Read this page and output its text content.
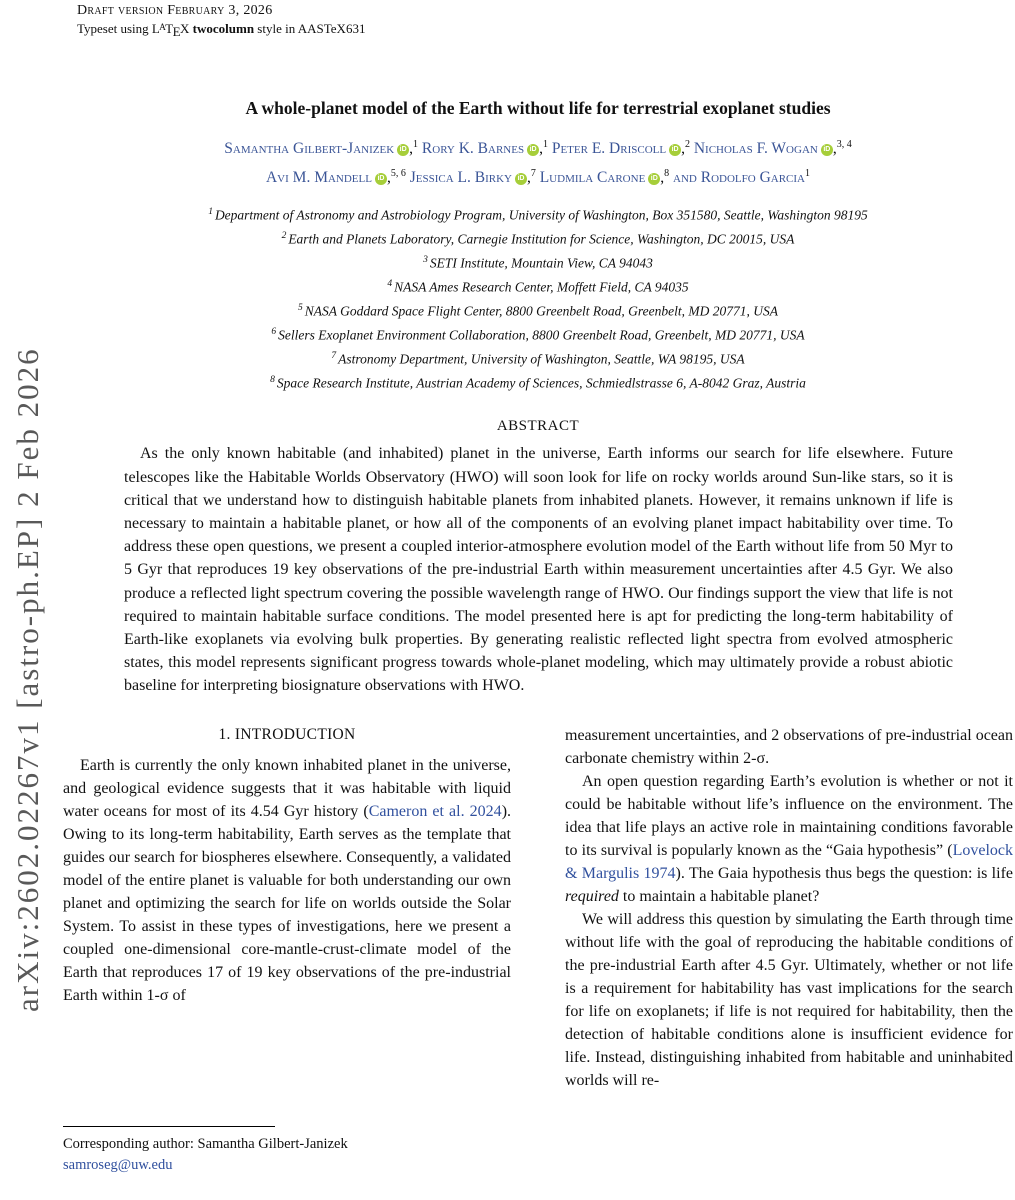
Draft version February 3, 2026
Typeset using $L^ATEX$ twocolumn style in AASTeX631
arXiv:2602.02267v1 [astro-ph.EP] 2 Feb 2026
A whole-planet model of the Earth without life for terrestrial exoplanet studies
Samantha Gilbert-Janizek iD ,$^1$ Rory K. Barnes iD ,$^1$ Peter E. Driscoll iD ,$^2$ Nicholas F. Wogan iD ,$^{3, 4}$
Avi M. Mandell iD ,$^{5, 6}$ Jessica L. Birky iD ,$^7$ Ludmila Carone iD ,$^8$ and Rodolfo Garcia$^1$
$^1$ Department of Astronomy and Astrobiology Program, University of Washington, Box 351580, Seattle, Washington 98195
$^2$ Earth and Planets Laboratory, Carnegie Institution for Science, Washington, DC 20015, USA
$^3$ SETI Institute, Mountain View, CA 94043
$^4$ NASA Ames Research Center, Moffett Field, CA 94035
$^5$ NASA Goddard Space Flight Center, 8800 Greenbelt Road, Greenbelt, MD 20771, USA
$^6$ Sellers Exoplanet Environment Collaboration, 8800 Greenbelt Road, Greenbelt, MD 20771, USA
$^7$ Astronomy Department, University of Washington, Seattle, WA 98195, USA
$^8$ Space Research Institute, Austrian Academy of Sciences, Schmiedlstrasse 6, A-8042 Graz, Austria
ABSTRACT
As the only known habitable (and inhabited) planet in the universe, Earth informs our search for life elsewhere. Future telescopes like the Habitable Worlds Observatory (HWO) will soon look for life on rocky worlds around Sun-like stars, so it is critical that we understand how to distinguish habitable planets from inhabited planets. However, it remains unknown if life is necessary to maintain a habitable planet, or how all of the components of an evolving planet impact habitability over time. To address these open questions, we present a coupled interior-atmosphere evolution model of the Earth without life from 50 Myr to 5 Gyr that reproduces 19 key observations of the pre-industrial Earth within measurement uncertainties after 4.5 Gyr. We also produce a reflected light spectrum covering the possible wavelength range of HWO. Our findings support the view that life is not required to maintain habitable surface conditions. The model presented here is apt for predicting the long-term habitability of Earth-like exoplanets via evolving bulk properties. By generating realistic reflected light spectra from evolved atmospheric states, this model represents significant progress towards whole-planet modeling, which may ultimately provide a robust abiotic baseline for interpreting biosignature observations with HWO.
1. INTRODUCTION

Earth is currently the only known inhabited planet in the universe, and geological evidence suggests that it was habitable with liquid water oceans for most of its 4.54 Gyr history (Cameron et al. 2024). Owing to its long-term habitability, Earth serves as the template that guides our search for biospheres elsewhere. Consequently, a validated model of the entire planet is valuable for both understanding our own planet and optimizing the search for life on worlds outside the Solar System. To assist in these types of investigations, here we present a coupled one-dimensional core-mantle-crust-climate model of the Earth that reproduces 17 of 19 key observations of the pre-industrial Earth within 1-σ of

measurement uncertainties, and 2 observations of pre-industrial ocean carbonate chemistry within 2-σ.

An open question regarding Earth’s evolution is whether or not it could be habitable without life’s influence on the environment. The idea that life plays an active role in maintaining conditions favorable to its survival is popularly known as the “Gaia hypothesis” (Lovelock & Margulis 1974). The Gaia hypothesis thus begs the question: is life required to maintain a habitable planet?

We will address this question by simulating the Earth through time without life with the goal of reproducing the habitable conditions of the pre-industrial Earth after 4.5 Gyr. Ultimately, whether or not life is a requirement for habitability has vast implications for the search for life on exoplanets; if life is not required for habitability, then the detection of habitable conditions alone is insufficient evidence for life. Instead, distinguishing inhabited from habitable and uninhabited worlds will re-

Corresponding author: Samantha Gilbert-Janizek
samroseg@uw.edu
